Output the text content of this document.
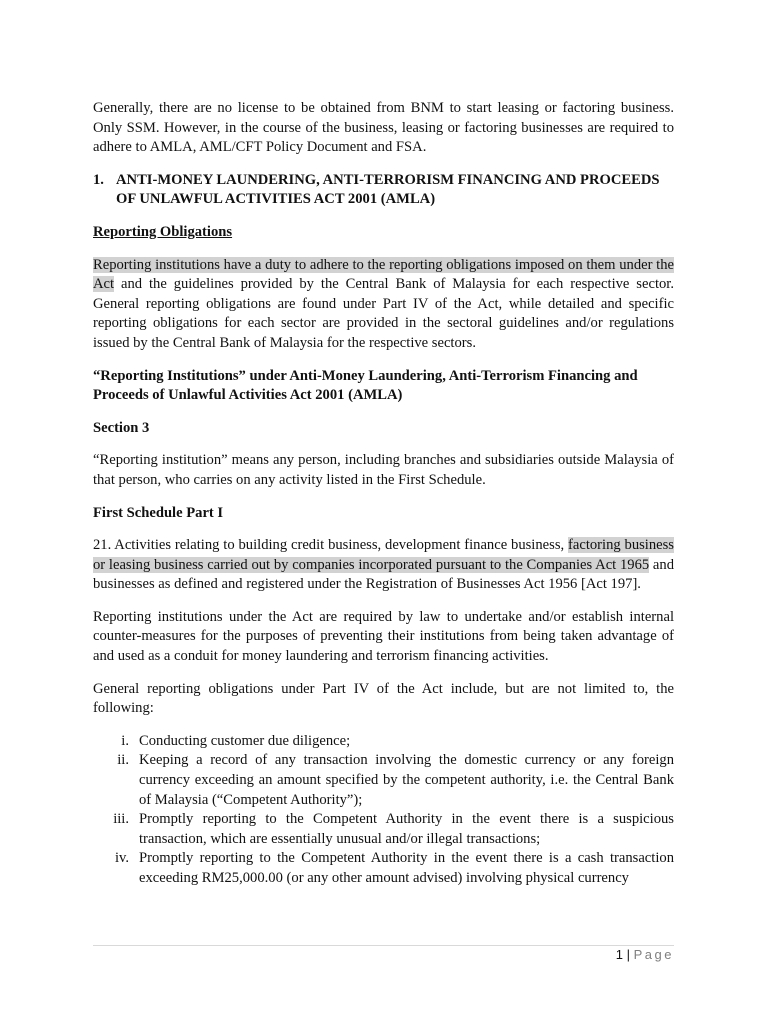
Generally, there are no license to be obtained from BNM to start leasing or factoring business. Only SSM. However, in the course of the business, leasing or factoring businesses are required to adhere to AMLA, AML/CFT Policy Document and FSA.

1. ANTI-MONEY LAUNDERING, ANTI-TERRORISM FINANCING AND PROCEEDS OF UNLAWFUL ACTIVITIES ACT 2001 (AMLA)
Reporting Obligations

Reporting institutions have a duty to adhere to the reporting obligations imposed on them under the Act and the guidelines provided by the Central Bank of Malaysia for each respective sector. General reporting obligations are found under Part IV of the Act, while detailed and specific reporting obligations for each sector are provided in the sectoral guidelines and/or regulations issued by the Central Bank of Malaysia for the respective sectors.

“Reporting Institutions” under Anti-Money Laundering, Anti-Terrorism Financing and Proceeds of Unlawful Activities Act 2001 (AMLA)

Section 3

“Reporting institution” means any person, including branches and subsidiaries outside Malaysia of that person, who carries on any activity listed in the First Schedule.

First Schedule Part I

21. Activities relating to building credit business, development finance business, factoring business or leasing business carried out by companies incorporated pursuant to the Companies Act 1965 and businesses as defined and registered under the Registration of Businesses Act 1956 [Act 197].

Reporting institutions under the Act are required by law to undertake and/or establish internal counter-measures for the purposes of preventing their institutions from being taken advantage of and used as a conduit for money laundering and terrorism financing activities.

General reporting obligations under Part IV of the Act include, but are not limited to, the following:

i. Conducting customer due diligence;
ii. Keeping a record of any transaction involving the domestic currency or any foreign currency exceeding an amount specified by the competent authority, i.e. the Central Bank of Malaysia (“Competent Authority”);
iii. Promptly reporting to the Competent Authority in the event there is a suspicious transaction, which are essentially unusual and/or illegal transactions;
iv. Promptly reporting to the Competent Authority in the event there is a cash transaction exceeding RM25,000.00 (or any other amount advised) involving physical currency
1 | Page
